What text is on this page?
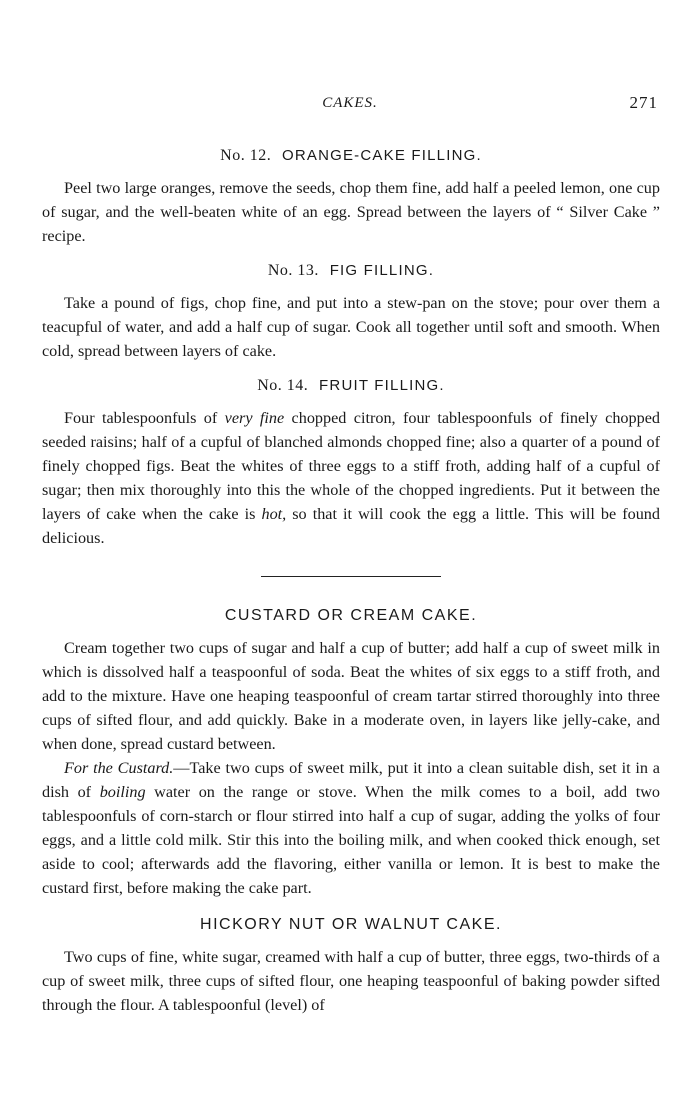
CAKES.	271
No. 12. ORANGE-CAKE FILLING.

Peel two large oranges, remove the seeds, chop them fine, add half a peeled lemon, one cup of sugar, and the well-beaten white of an egg. Spread between the layers of “ Silver Cake ” recipe.

No. 13. FIG FILLING.

Take a pound of figs, chop fine, and put into a stew-pan on the stove; pour over them a teacupful of water, and add a half cup of sugar. Cook all together until soft and smooth. When cold, spread between layers of cake.

No. 14. FRUIT FILLING.

Four tablespoonfuls of very fine chopped citron, four tablespoonfuls of finely chopped seeded raisins; half of a cupful of blanched almonds chopped fine; also a quarter of a pound of finely chopped figs. Beat the whites of three eggs to a stiff froth, adding half of a cupful of sugar; then mix thoroughly into this the whole of the chopped ingredients. Put it between the layers of cake when the cake is hot, so that it will cook the egg a little. This will be found delicious.

CUSTARD OR CREAM CAKE.

Cream together two cups of sugar and half a cup of butter; add half a cup of sweet milk in which is dissolved half a teaspoonful of soda. Beat the whites of six eggs to a stiff froth, and add to the mixture. Have one heaping teaspoonful of cream tartar stirred thoroughly into three cups of sifted flour, and add quickly. Bake in a moderate oven, in layers like jelly-cake, and when done, spread custard between.

For the Custard.—Take two cups of sweet milk, put it into a clean suitable dish, set it in a dish of boiling water on the range or stove. When the milk comes to a boil, add two tablespoonfuls of corn-starch or flour stirred into half a cup of sugar, adding the yolks of four eggs, and a little cold milk. Stir this into the boiling milk, and when cooked thick enough, set aside to cool; afterwards add the flavoring, either vanilla or lemon. It is best to make the custard first, before making the cake part.

HICKORY NUT OR WALNUT CAKE.

Two cups of fine, white sugar, creamed with half a cup of butter, three eggs, two-thirds of a cup of sweet milk, three cups of sifted flour, one heaping teaspoonful of baking powder sifted through the flour. A tablespoonful (level) of
